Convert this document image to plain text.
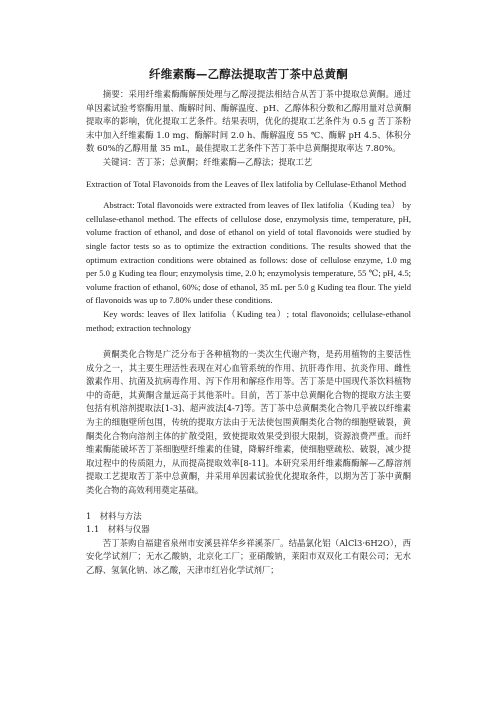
纤维素酶—乙醇法提取苦丁茶中总黄酮

摘要：采用纤维素酶酶解预处理与乙醇浸提法相结合从苦丁茶中提取总黄酮。通过单因素试验考察酶用量、酶解时间、酶解温度、pH、乙醇体积分数和乙醇用量对总黄酮提取率的影响，优化提取工艺条件。结果表明，优化的提取工艺条件为 0.5 g 苦丁茶粉末中加入纤维素酶 1.0 mg、酶解时间 2.0 h、酶解温度 55 ℃、酶解 pH 4.5、体积分数 60%的乙醇用量 35 mL，最佳提取工艺条件下苦丁茶中总黄酮提取率达 7.80%。

关键词：苦丁茶；总黄酮；纤维素酶—乙醇法；提取工艺

Extraction of Total Flavonoids from the Leaves of Ilex latifolia by Cellulase-Ethanol Method

Abstract: Total flavonoids were extracted from leaves of Ilex latifolia（Kuding tea） by cellulase-ethanol method. The effects of cellulose dose, enzymolysis time, temperature, pH, volume fraction of ethanol, and dose of ethanol on yield of total flavonoids were studied by single factor tests so as to optimize the extraction conditions. The results showed that the optimum extraction conditions were obtained as follows: dose of cellulose enzyme, 1.0 mg per 5.0 g Kuding tea flour; enzymolysis time, 2.0 h; enzymolysis temperature, 55 ℃; pH, 4.5; volume fraction of ethanol, 60%; dose of ethanol, 35 mL per 5.0 g Kuding tea flour. The yield of flavonoids was up to 7.80% under these conditions.

Key words: leaves of Ilex latifolia（Kuding tea）; total flavonoids; cellulase-ethanol method; extraction technology

黄酮类化合物是广泛分布于各种植物的一类次生代谢产物，是药用植物的主要活性成分之一，其主要生理活性表现在对心血管系统的作用、抗肝毒作用、抗炎作用、雌性激素作用、抗菌及抗病毒作用、泻下作用和解痉作用等。苦丁茶是中国现代茶饮料植物中的奇葩，其黄酮含量远高于其他茶叶。目前，苦丁茶中总黄酮化合物的提取方法主要包括有机溶剂提取法[1-3]、超声波法[4-7]等。苦丁茶中总黄酮类化合物几乎被以纤维素为主的细胞壁所包围，传统的提取方法由于无法使包围黄酮类化合物的细胞壁破裂，黄酮类化合物向溶剂主体的扩散受阻，致使提取效果受到很大限制，资源浪费严重。而纤维素酶能破坏苦丁茶细胞壁纤维素的佳键，降解纤维素，使细胞壁疏松、破裂，减少提取过程中的传质阻力，从而提高提取效率[8-11]。本研究采用纤维素酶酶解—乙醇溶剂提取工艺提取苦丁茶中总黄酮，并采用单因素试验优化提取条件，以期为苦丁茶中黄酮类化合物的高效利用奠定基础。

1　材料与方法

1.1　材料与仪器

苦丁茶购自福建省泉州市安溪县祥华乡祥溪茶厂。结晶氯化铝（AlCl3·6H2O），西安化学试剂厂；无水乙酸钠，北京化工厂；亚硝酸钠，莱阳市双双化工有限公司；无水乙醇、氢氧化钠、冰乙酸，天津市红岩化学试剂厂；
